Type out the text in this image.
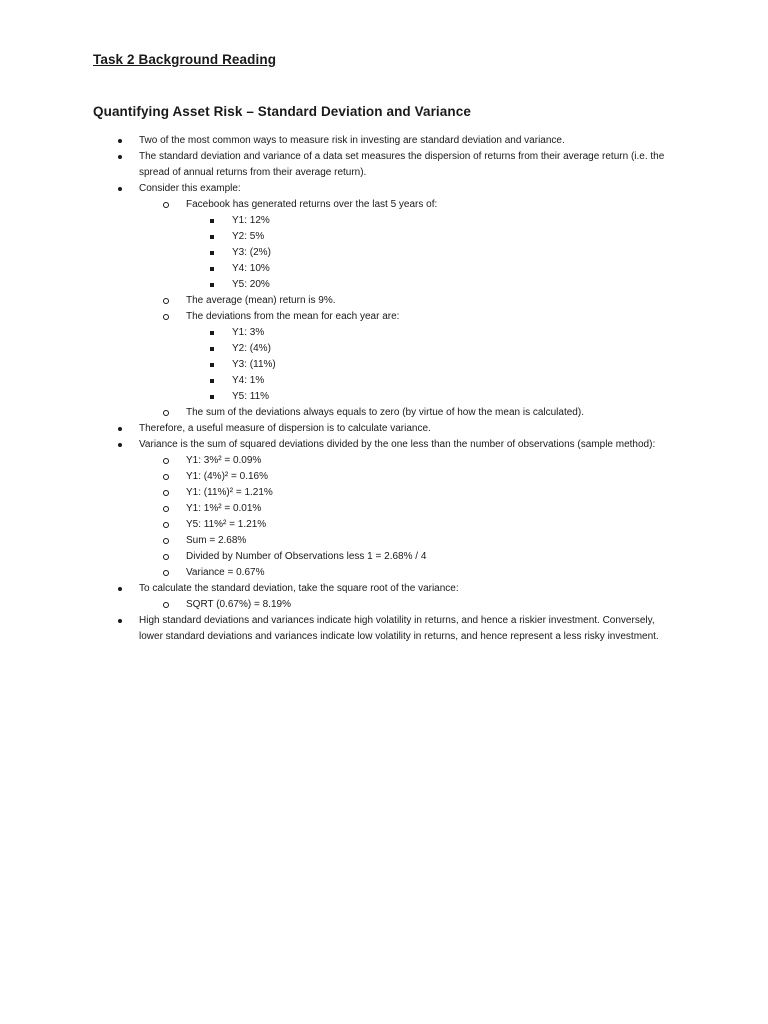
Task 2 Background Reading
Quantifying Asset Risk – Standard Deviation and Variance
Two of the most common ways to measure risk in investing are standard deviation and variance.
The standard deviation and variance of a data set measures the dispersion of returns from their average return (i.e. the spread of annual returns from their average return).
Consider this example:
Facebook has generated returns over the last 5 years of:
Y1: 12%
Y2: 5%
Y3: (2%)
Y4: 10%
Y5: 20%
The average (mean) return is 9%.
The deviations from the mean for each year are:
Y1: 3%
Y2: (4%)
Y3: (11%)
Y4: 1%
Y5: 11%
The sum of the deviations always equals to zero (by virtue of how the mean is calculated).
Therefore, a useful measure of dispersion is to calculate variance.
Variance is the sum of squared deviations divided by the one less than the number of observations (sample method):
Y1: 3%² = 0.09%
Y1: (4%)² = 0.16%
Y1: (11%)² = 1.21%
Y1: 1%² = 0.01%
Y5: 11%² = 1.21%
Sum = 2.68%
Divided by Number of Observations less 1 = 2.68% / 4
Variance = 0.67%
To calculate the standard deviation, take the square root of the variance:
SQRT (0.67%) = 8.19%
High standard deviations and variances indicate high volatility in returns, and hence a riskier investment. Conversely, lower standard deviations and variances indicate low volatility in returns, and hence represent a less risky investment.
